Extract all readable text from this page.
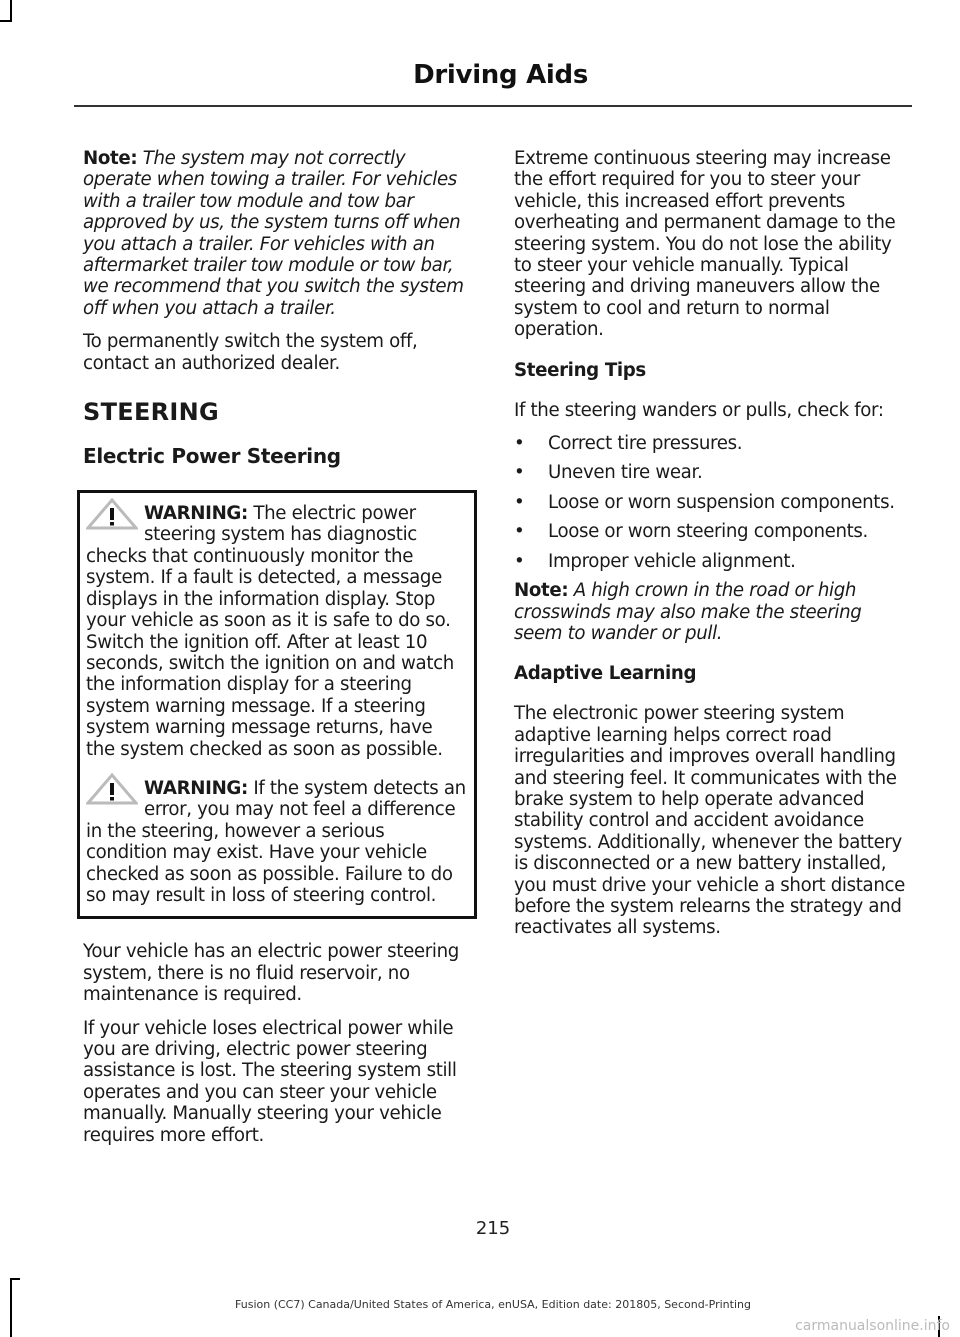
Driving Aids

Note: The system may not correctly operate when towing a trailer. For vehicles with a trailer tow module and tow bar approved by us, the system turns off when you attach a trailer. For vehicles with an aftermarket trailer tow module or tow bar, we recommend that you switch the system off when you attach a trailer.

To permanently switch the system off, contact an authorized dealer.

STEERING
Electric Power Steering
WARNING: The electric power steering system has diagnostic checks that continuously monitor the system. If a fault is detected, a message displays in the information display. Stop your vehicle as soon as it is safe to do so. Switch the ignition off. After at least 10 seconds, switch the ignition on and watch the information display for a steering system warning message. If a steering system warning message returns, have the system checked as soon as possible.
WARNING: If the system detects an error, you may not feel a difference in the steering, however a serious condition may exist. Have your vehicle checked as soon as possible. Failure to do so may result in loss of steering control.

Your vehicle has an electric power steering system, there is no fluid reservoir, no maintenance is required.

If your vehicle loses electrical power while you are driving, electric power steering assistance is lost. The steering system still operates and you can steer your vehicle manually. Manually steering your vehicle requires more effort.

Extreme continuous steering may increase the effort required for you to steer your vehicle, this increased effort prevents overheating and permanent damage to the steering system. You do not lose the ability to steer your vehicle manually. Typical steering and driving maneuvers allow the system to cool and return to normal operation.

Steering Tips

If the steering wanders or pulls, check for:

• Correct tire pressures.
• Uneven tire wear.
• Loose or worn suspension components.
• Loose or worn steering components.
• Improper vehicle alignment.

Note: A high crown in the road or high crosswinds may also make the steering seem to wander or pull.

Adaptive Learning

The electronic power steering system adaptive learning helps correct road irregularities and improves overall handling and steering feel. It communicates with the brake system to help operate advanced stability control and accident avoidance systems. Additionally, whenever the battery is disconnected or a new battery installed, you must drive your vehicle a short distance before the system relearns the strategy and reactivates all systems.

215
Fusion (CC7) Canada/United States of America, enUSA, Edition date: 201805, Second-Printing
carmanualsonline.info
